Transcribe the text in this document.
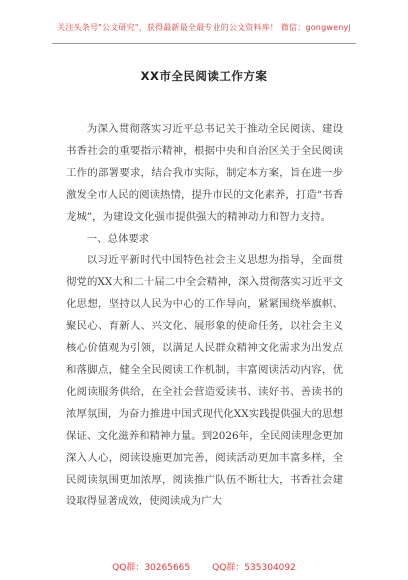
关注头条号"公文研究"，获得最新最全最专业的公文资料库！ 微信：gongwenyj
XX市全民阅读工作方案

为深入贯彻落实习近平总书记关于推动全民阅读、建设书香社会的重要指示精神，根据中央和自治区关于全民阅读工作的部署要求，结合我市实际，制定本方案，旨在进一步激发全市人民的阅读热情，提升市民的文化素养，打造“书香龙城”，为建设文化强市提供强大的精神动力和智力支持。

一、总体要求

以习近平新时代中国特色社会主义思想为指导，全面贯彻党的XX大和二十届二中全会精神，深入贯彻落实习近平文化思想，坚持以人民为中心的工作导向，紧紧围绕举旗帜、聚民心、育新人、兴文化、展形象的使命任务，以社会主义核心价值观为引领，以满足人民群众精神文化需求为出发点和落脚点，健全全民阅读工作机制，丰富阅读活动内容，优化阅读服务供给，在全社会营造爱读书、读好书、善读书的浓厚氛围，为奋力推进中国式现代化XX实践提供强大的思想保证、文化滋养和精神力量。到2026年，全民阅读理念更加深入人心，阅读设施更加完善，阅读活动更加丰富多样，全民阅读氛围更加浓厚，阅读推广队伍不断壮大，书香社会建设取得显著成效，使阅读成为广大

QQ群：30265665 QQ群：535304092
